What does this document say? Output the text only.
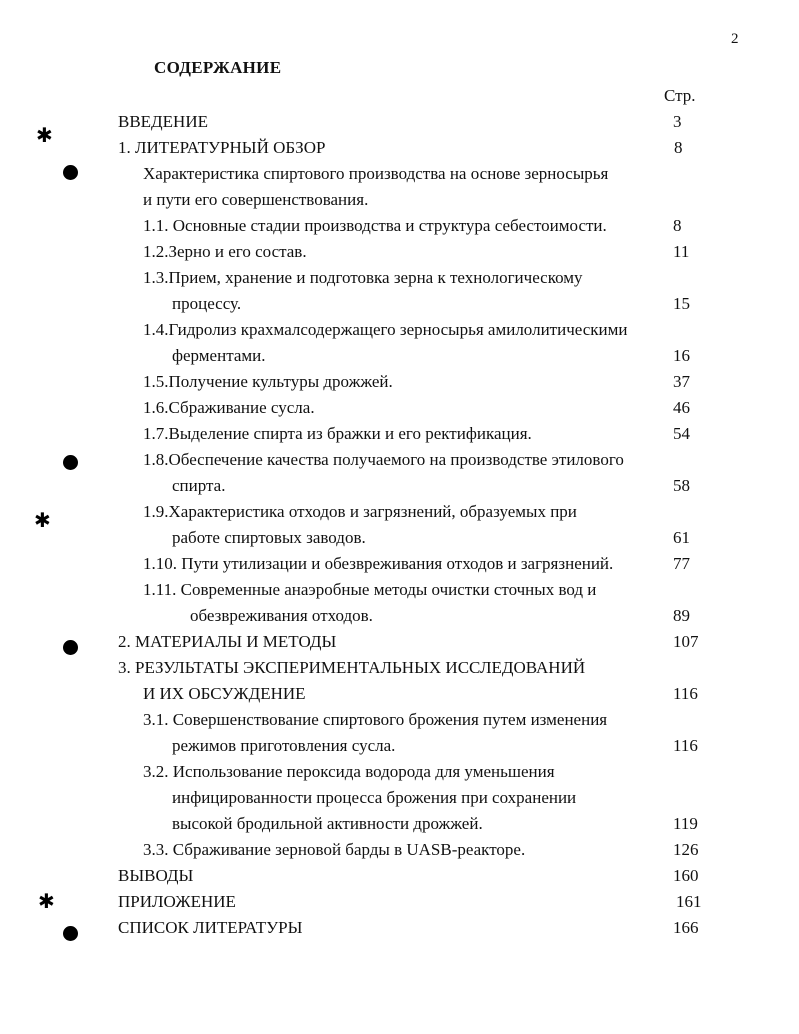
2
СОДЕРЖАНИЕ
Стр.
ВВЕДЕНИЕ	3
1. ЛИТЕРАТУРНЫЙ ОБЗОР	8
Характеристика спиртового производства на основе зерносырья
и пути его совершенствования.
1.1. Основные стадии производства и структура себестоимости.	8
1.2.Зерно и его состав.	11
1.3.Прием, хранение и подготовка зерна к технологическому
процессу.	15
1.4.Гидролиз крахмалсодержащего зерносырья амилолитическими
ферментами.	16
1.5.Получение культуры дрожжей.	37
1.6.Сбраживание сусла.	46
1.7.Выделение спирта из бражки и его ректификация.	54
1.8.Обеспечение качества получаемого на производстве этилового
спирта.	58
1.9.Характеристика отходов и загрязнений, образуемых при
работе спиртовых заводов.	61
1.10. Пути утилизации и обезвреживания отходов и загрязнений.	77
1.11. Современные анаэробные методы очистки сточных вод и
обезвреживания отходов.	89
2. МАТЕРИАЛЫ И МЕТОДЫ	107
3. РЕЗУЛЬТАТЫ ЭКСПЕРИМЕНТАЛЬНЫХ ИССЛЕДОВАНИЙ
И ИХ ОБСУЖДЕНИЕ	116
3.1. Совершенствование спиртового брожения путем изменения
режимов приготовления сусла.	116
3.2. Использование пероксида водорода для уменьшения
инфицированности процесса брожения при сохранении
высокой бродильной активности дрожжей.	119
3.3. Сбраживание зерновой барды в UASB-реакторе.	126
ВЫВОДЫ	160
ПРИЛОЖЕНИЕ	161
СПИСОК ЛИТЕРАТУРЫ	166
✱
✱
✱
